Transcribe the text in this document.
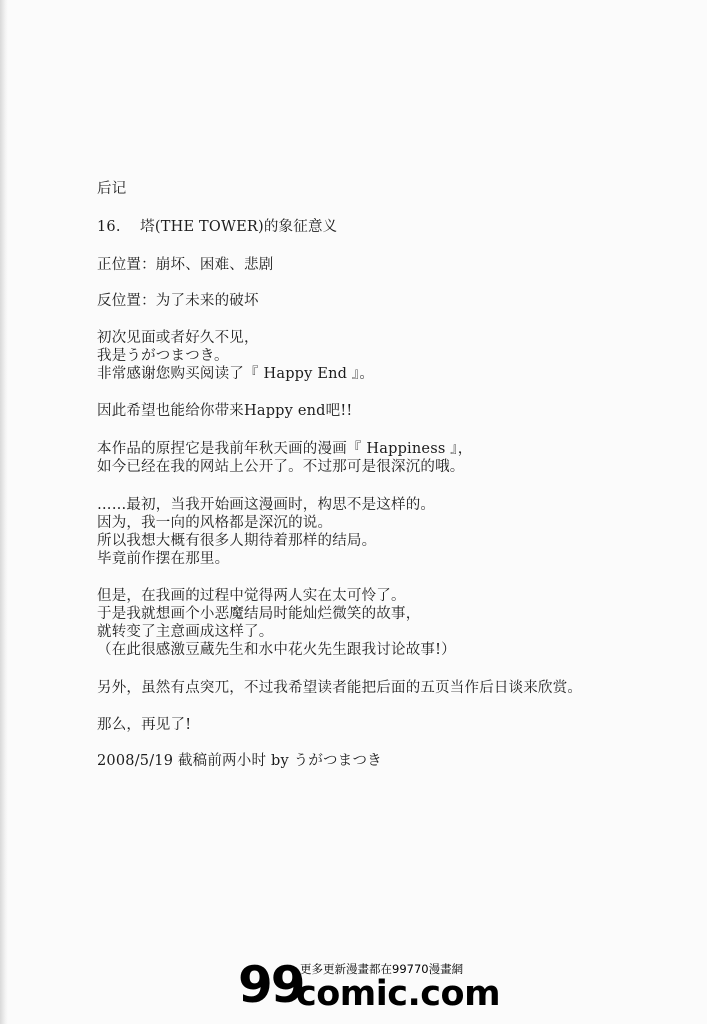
后记
16.　 塔(THE TOWER)的象征意义
正位置：崩坏、困难、悲剧
反位置：为了未来的破坏
初次见面或者好久不见，
我是うがつまつき。
非常感谢您购买阅读了『 Happy End 』。
因此希望也能给你带来Happy end吧!!
本作品的原捏它是我前年秋天画的漫画『 Happiness 』，
如今已经在我的网站上公开了。不过那可是很深沉的哦。
……最初，当我开始画这漫画时，构思不是这样的。
因为，我一向的风格都是深沉的说。
所以我想大概有很多人期待着那样的结局。
毕竟前作摆在那里。
但是，在我画的过程中觉得两人实在太可怜了。
于是我就想画个小恶魔结局时能灿烂微笑的故事，
就转变了主意画成这样了。
（在此很感激豆蔵先生和水中花火先生跟我讨论故事!）
另外，虽然有点突兀，不过我希望读者能把后面的五页当作后日谈来欣赏。
那么，再见了!
2008/5/19 截稿前两小时 by うがつまつき
99
更多更新漫畫都在99770漫畫網
comic.com
